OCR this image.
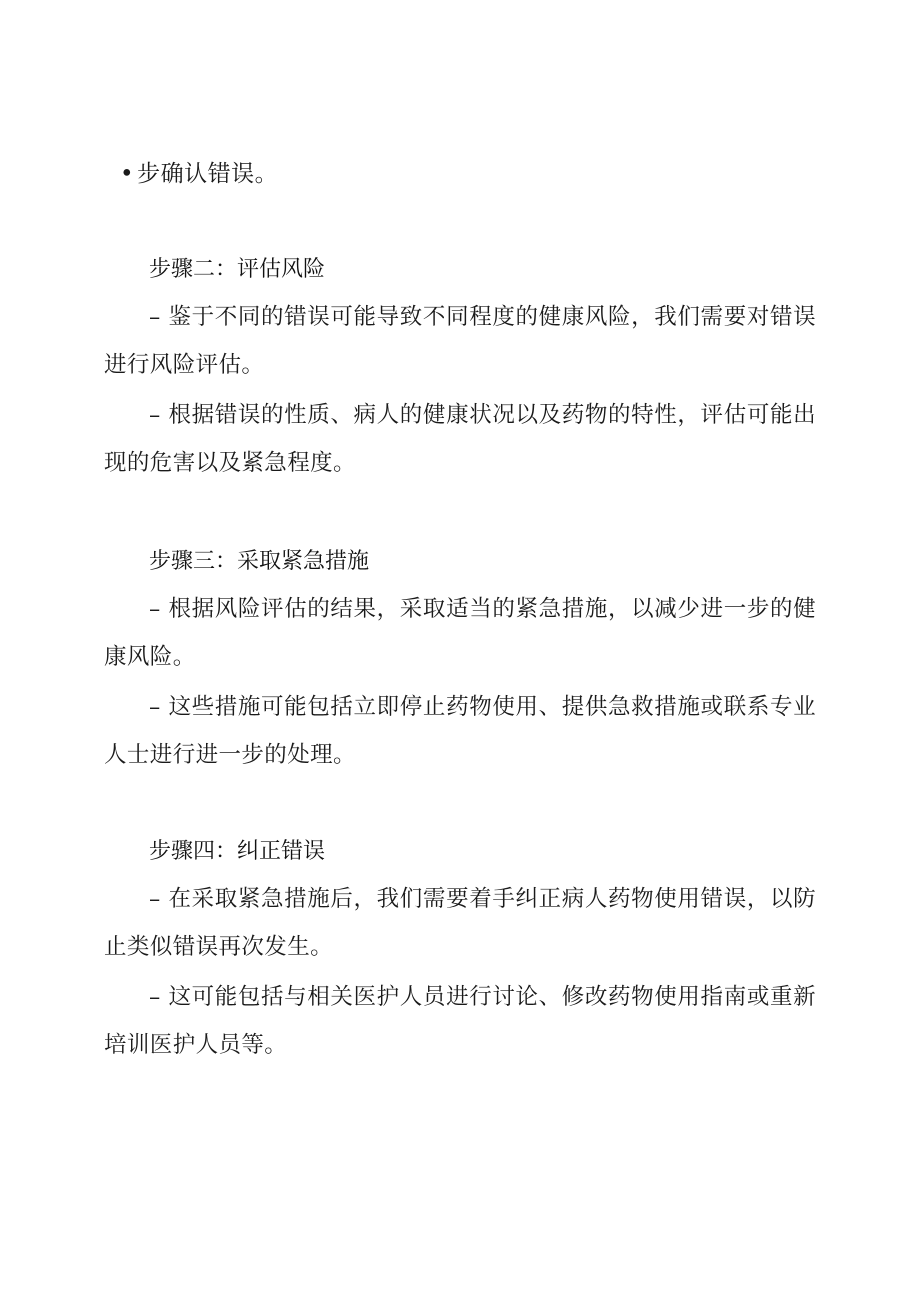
• 步确认错误。
步骤二：评估风险

– 鉴于不同的错误可能导致不同程度的健康风险，我们需要对错误进行风险评估。

– 根据错误的性质、病人的健康状况以及药物的特性，评估可能出现的危害以及紧急程度。

步骤三：采取紧急措施

– 根据风险评估的结果，采取适当的紧急措施，以减少进一步的健康风险。

– 这些措施可能包括立即停止药物使用、提供急救措施或联系专业人士进行进一步的处理。

步骤四：纠正错误

– 在采取紧急措施后，我们需要着手纠正病人药物使用错误，以防止类似错误再次发生。

– 这可能包括与相关医护人员进行讨论、修改药物使用指南或重新培训医护人员等。
